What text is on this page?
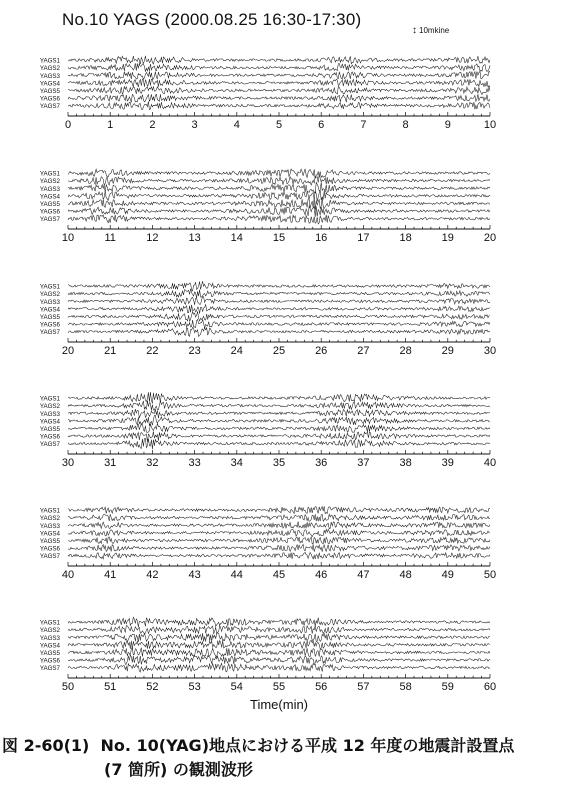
No.10 YAGS (2000.08.25 16:30-17:30)
↕ 10mkine
YAGS1
YAGS2
YAGS3
YAGS4
YAGS5
YAGS6
YAGS7
0	1	2	3	4	5	6	7	8	9	10
YAGS1
YAGS2
YAGS3
YAGS4
YAGS5
YAGS6
YAGS7
10	11	12	13	14	15	16	17	18	19	20
YAGS1
YAGS2
YAGS3
YAGS4
YAGS5
YAGS6
YAGS7
20	21	22	23	24	25	26	27	28	29	30
YAGS1
YAGS2
YAGS3
YAGS4
YAGS5
YAGS6
YAGS7
30	31	32	33	34	35	36	37	38	39	40
YAGS1
YAGS2
YAGS3
YAGS4
YAGS5
YAGS6
YAGS7
40	41	42	43	44	45	46	47	48	49	50
YAGS1
YAGS2
YAGS3
YAGS4
YAGS5
YAGS6
YAGS7
50	51	52	53	54	55	56	57	58	59	60
Time(min)
図 2-60(1)  No. 10(YAG)地点における平成 12 年度の地震計設置点
(7 箇所) の観測波形
